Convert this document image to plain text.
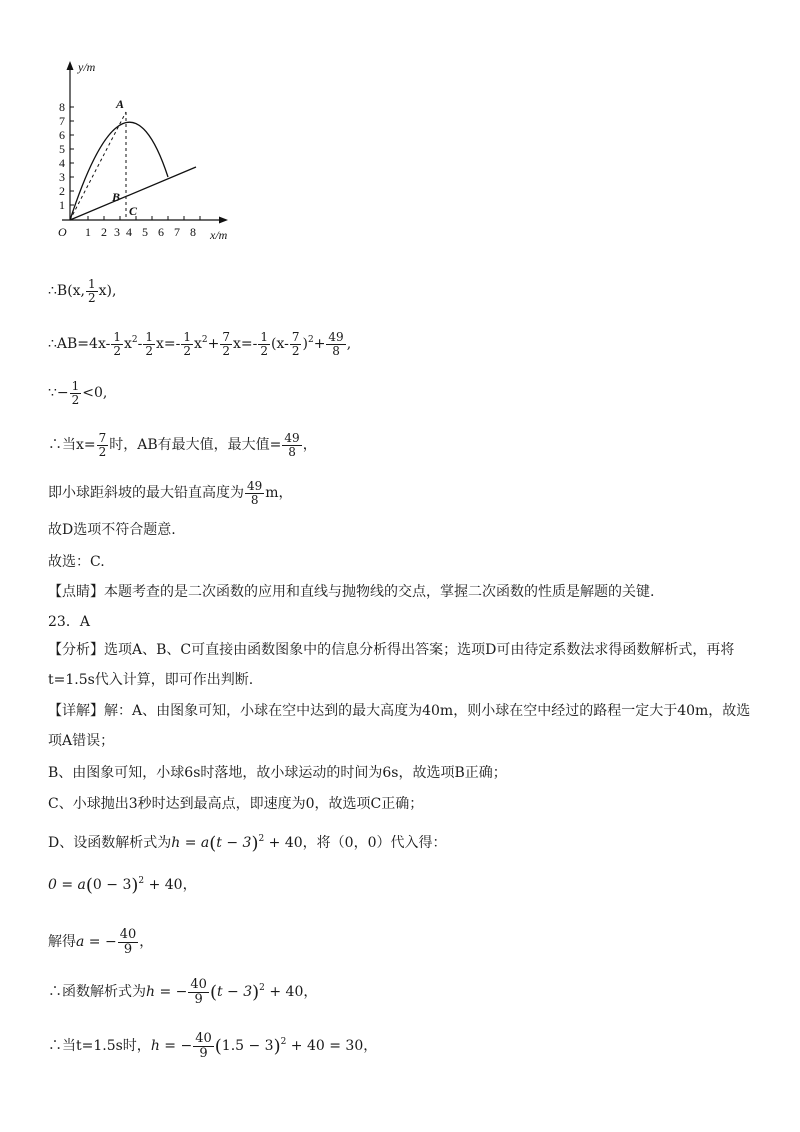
y/m
x/m
O
1
2
3
4
5
6
7
8
1 2 3 4 5 6 7 8
A
B
C
∴B(x, $\frac{1}{2} x$),
∴AB=4x- $\frac{1}{2} x^2- \frac{1}{2} x=- \frac{1}{2} x^2+ \frac{7}{2} x=- \frac{1}{2} (x- \frac{7}{2} )^2+ \frac{49}{8}$ ,
∵− $\frac{1}{2} <0$,
∴当$x= \frac{7}{2}$ 时，AB有最大值，最大值= $\frac{49}{8}$ ，
即小球距斜坡的最大铅直高度为 $\frac{49}{8}$ m，
故D选项不符合题意.
故选：C.
【点睛】本题考查的是二次函数的应用和直线与抛物线的交点，掌握二次函数的性质是解题的关键.
23．A
【分析】选项A、B、C可直接由函数图象中的信息分析得出答案；选项D可由待定系数法求得函数解析式，再将t=1.5s代入计算，即可作出判断.
【详解】解：A、由图象可知，小球在空中达到的最大高度为40m，则小球在空中经过的路程一定大于40m，故选项A错误；
B、由图象可知，小球6s时落地，故小球运动的时间为6s，故选项B正确；
C、小球抛出3秒时达到最高点，即速度为0，故选项C正确；
D、设函数解析式为$h = a(t - 3)^2 + 40$，将（0，0）代入得：
$0 = a(0 - 3)^2 + 40$，
解得a = − $\frac{40}{9}$ ，
∴函数解析式为h = − $\frac{40}{9} (t - 3)^2 + 40$，
∴当t=1.5s时，h = − $\frac{40}{9} (1.5 - 3)^2 + 40 = 30$，
